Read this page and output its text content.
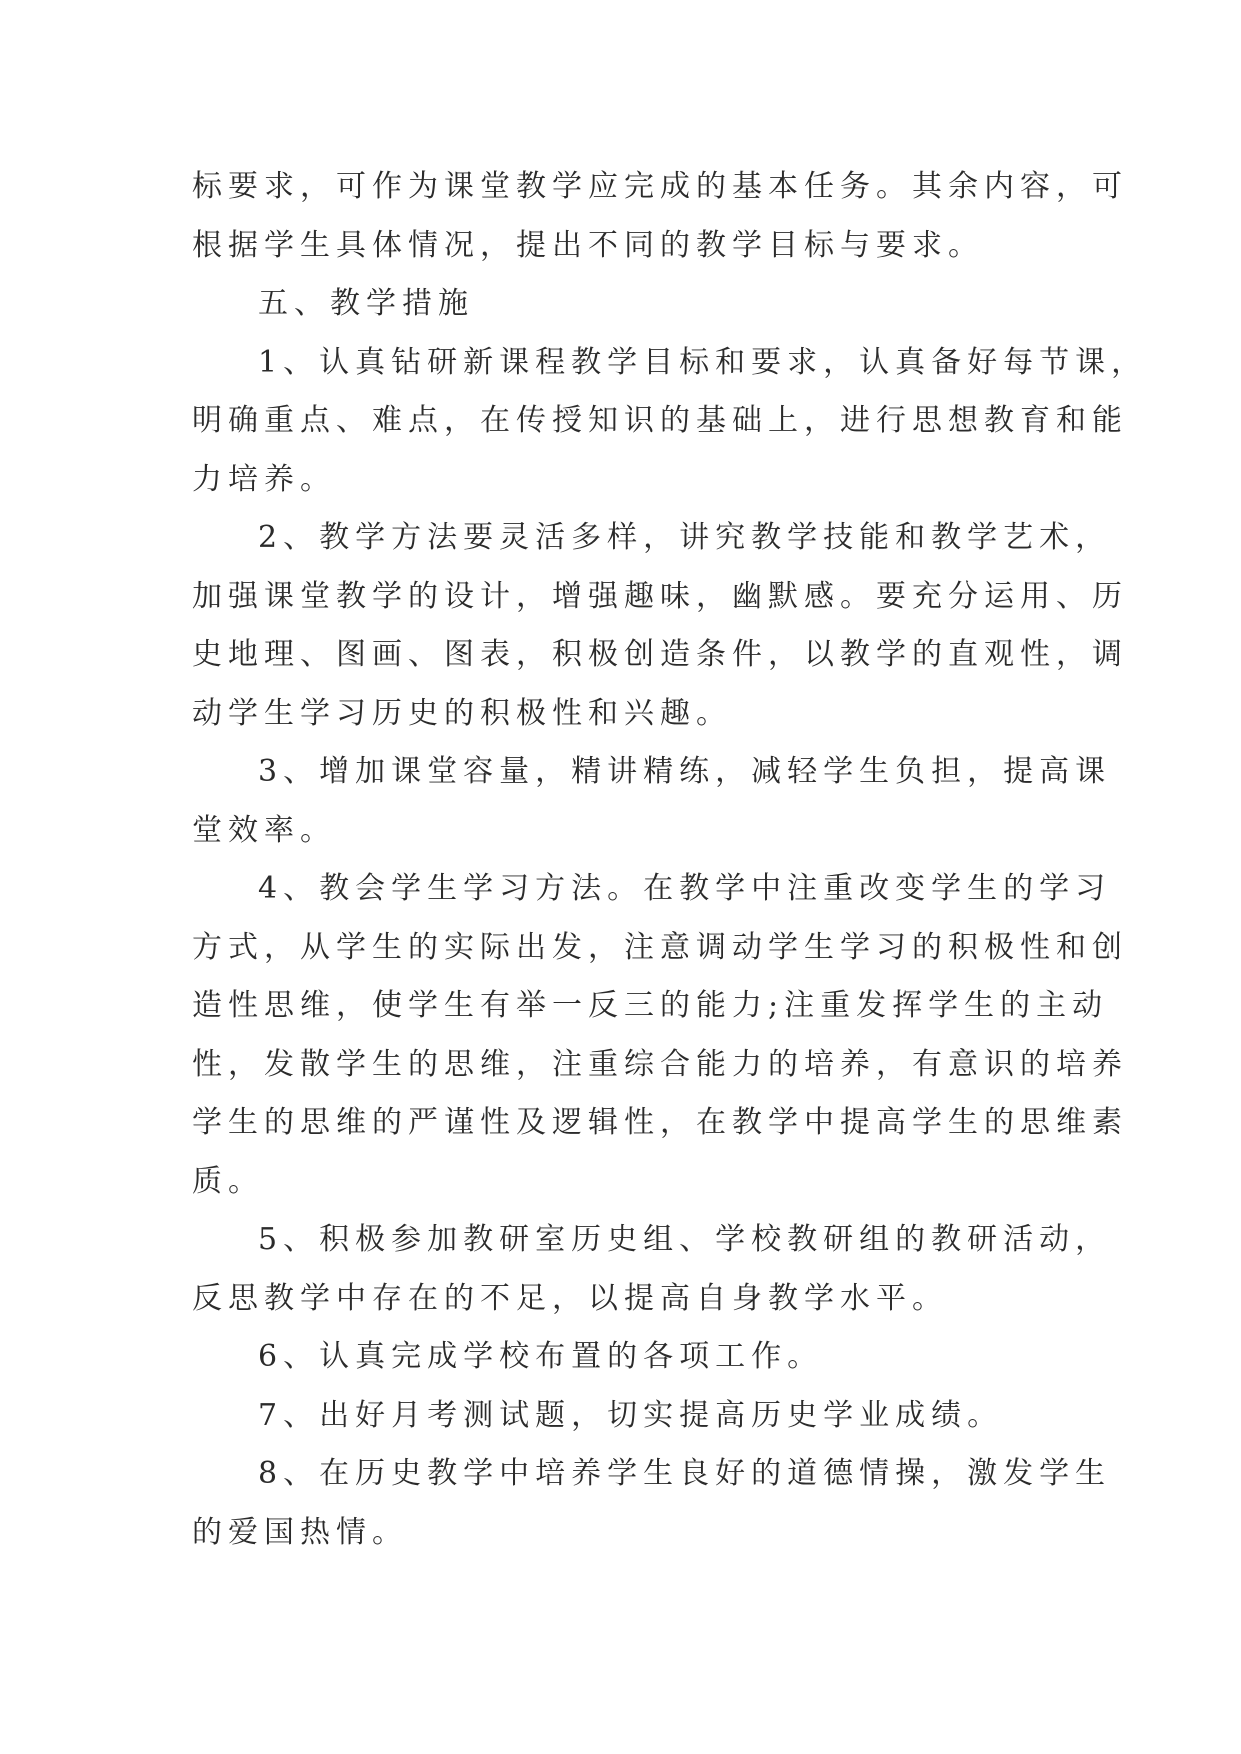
标要求，可作为课堂教学应完成的基本任务。其余内容，可
根据学生具体情况，提出不同的教学目标与要求。
五、教学措施
1、认真钻研新课程教学目标和要求，认真备好每节课，
明确重点、难点，在传授知识的基础上，进行思想教育和能
力培养。
2、教学方法要灵活多样，讲究教学技能和教学艺术，
加强课堂教学的设计，增强趣味，幽默感。要充分运用、历
史地理、图画、图表，积极创造条件，以教学的直观性，调
动学生学习历史的积极性和兴趣。
3、增加课堂容量，精讲精练，减轻学生负担，提高课
堂效率。
4、教会学生学习方法。在教学中注重改变学生的学习
方式，从学生的实际出发，注意调动学生学习的积极性和创
造性思维，使学生有举一反三的能力;注重发挥学生的主动
性，发散学生的思维，注重综合能力的培养，有意识的培养
学生的思维的严谨性及逻辑性，在教学中提高学生的思维素
质。
5、积极参加教研室历史组、学校教研组的教研活动，
反思教学中存在的不足，以提高自身教学水平。
6、认真完成学校布置的各项工作。
7、出好月考测试题，切实提高历史学业成绩。
8、在历史教学中培养学生良好的道德情操，激发学生
的爱国热情。
